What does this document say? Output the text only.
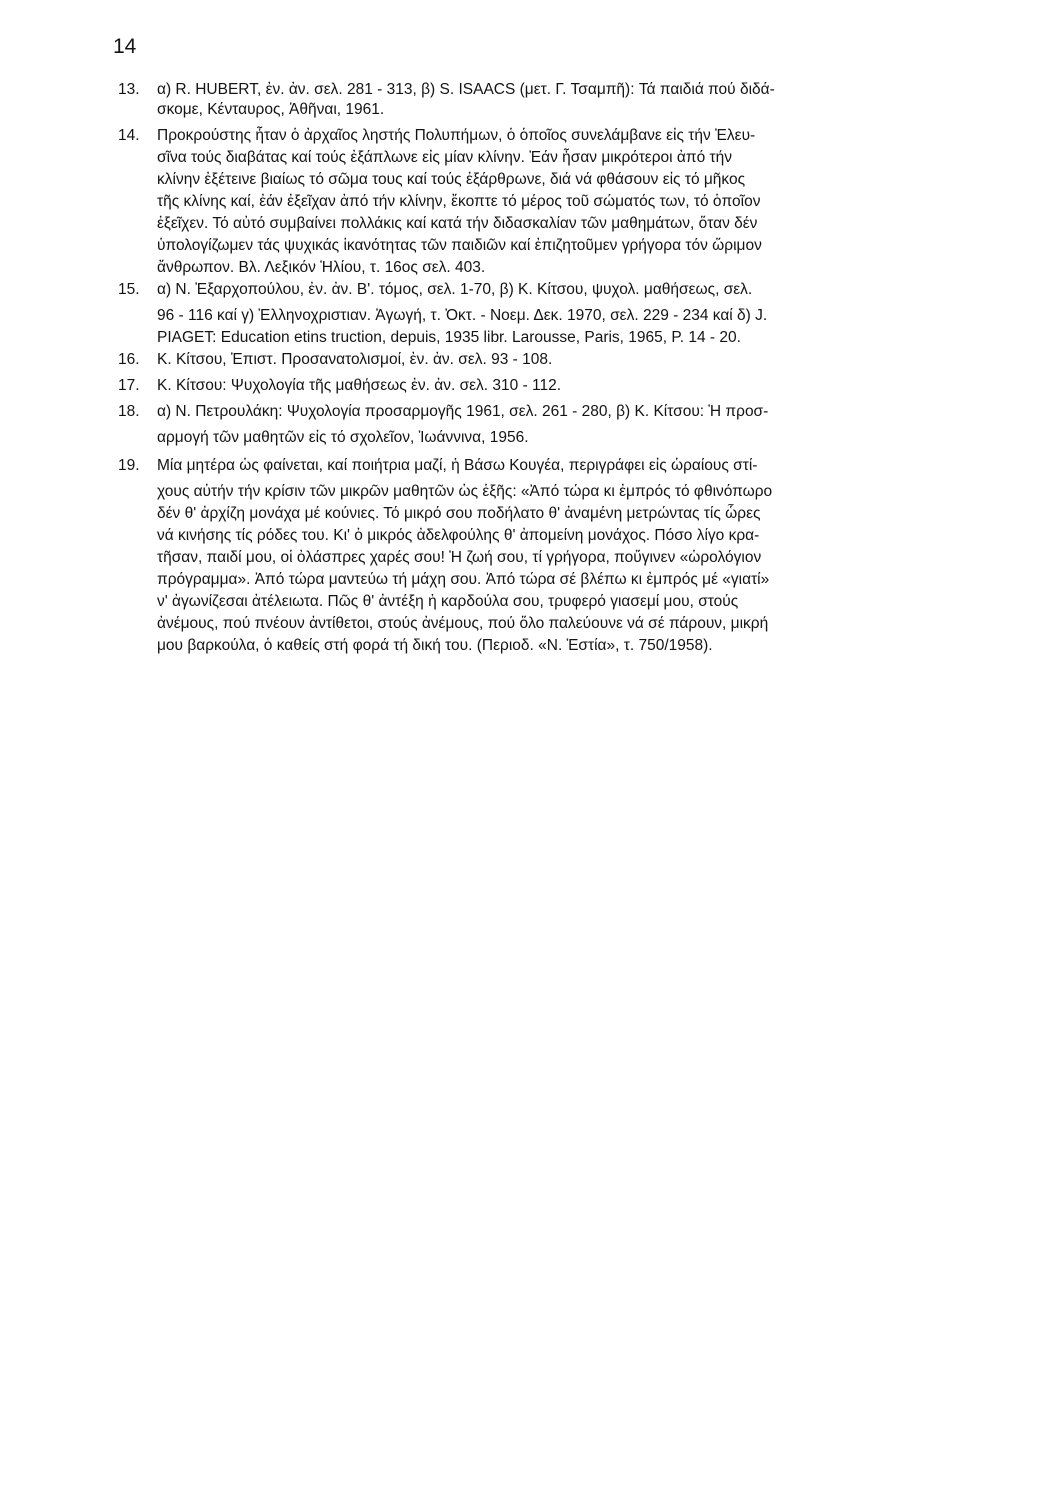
14
13. α) R. HUBERT, ἐν. ἀν. σελ. 281 - 313, β) S. ISAACS (μετ. Γ. Τσαμπῆ): Τά παιδιά πού διδά-
σκομε, Κένταυρος, Ἀθῆναι, 1961.
14. Προκρούστης ἦταν ὁ ἀρχαῖος ληστής Πολυπήμων, ὁ ὁποῖος συνελάμβανε εἰς τήν Ἐλευ-
σῖνα τούς διαβάτας καί τούς ἐξάπλωνε εἰς μίαν κλίνην. Ἐάν ἦσαν μικρότεροι ἀπό τήν
κλίνην ἐξέτεινε βιαίως τό σῶμα τους καί τούς ἐξάρθρωνε, διά νά φθάσουν εἰς τό μῆκος
τῆς κλίνης καί, ἐάν ἐξεῖχαν ἀπό τήν κλίνην, ἔκοπτε τό μέρος τοῦ σώματός των, τό ὁποῖον
ἐξεῖχεν. Τό αὐτό συμβαίνει πολλάκις καί κατά τήν διδασκαλίαν τῶν μαθημάτων, ὅταν δέν
ὑπολογίζωμεν τάς ψυχικάς ἱκανότητας τῶν παιδιῶν καί ἐπιζητοῦμεν γρήγορα τόν ὥριμον
ἄνθρωπον. Βλ. Λεξικόν Ἡλίου, τ. 16ος σελ. 403.
15. α) Ν. Ἐξαρχοπούλου, ἐν. ἀν. Β'. τόμος, σελ. 1-70, β) Κ. Κίτσου, ψυχολ. μαθήσεως, σελ.
96 - 116 καί γ) Ἑλληνοχριστιαν. Ἀγωγή, τ. Ὀκτ. - Νοεμ. Δεκ. 1970, σελ. 229 - 234 καί δ) J.
PIAGET: Education etins truction, depuis, 1935 libr. Larousse, Paris, 1965, P. 14 - 20.
16. Κ. Κίτσου, Ἐπιστ. Προσανατολισμοί, ἐν. ἀν. σελ. 93 - 108.
17. Κ. Κίτσου: Ψυχολογία τῆς μαθήσεως ἐν. ἀν. σελ. 310 - 112.
18. α) Ν. Πετρουλάκη: Ψυχολογία προσαρμογῆς 1961, σελ. 261 - 280, β) Κ. Κίτσου: Ἡ προσ-
αρμογή τῶν μαθητῶν εἰς τό σχολεῖον, Ἰωάννινα, 1956.
19. Μία μητέρα ὡς φαίνεται, καί ποιήτρια μαζί, ἡ Βάσω Κουγέα, περιγράφει εἰς ὡραίους στί-
χους αὐτήν τήν κρίσιν τῶν μικρῶν μαθητῶν ὡς ἑξῆς: «Ἀπό τώρα κι ἐμπρός τό φθινόπωρο
δέν θ' ἀρχίζη μονάχα μέ κούνιες. Τό μικρό σου ποδήλατο θ' ἀναμένη μετρώντας τίς ὧρες
νά κινήσης τίς ρόδες του. Κι' ὁ μικρός ἀδελφούλης θ' ἀπομείνη μονάχος. Πόσο λίγο κρα-
τῆσαν, παιδί μου, οἱ ὀλάσπρες χαρές σου! Ἡ ζωή σου, τί γρήγορα, ποὔγινεν «ὡρολόγιον
πρόγραμμα». Ἀπό τώρα μαντεύω τή μάχη σου. Ἀπό τώρα σέ βλέπω κι ἐμπρός μέ «γιατί»
ν' ἀγωνίζεσαι ἀτέλειωτα. Πῶς θ' ἀντέξη ἡ καρδούλα σου, τρυφερό γιασεμί μου, στούς
ἀνέμους, πού πνέουν ἀντίθετοι, στούς ἀνέμους, πού ὅλο παλεύουνε νά σέ πάρουν, μικρή
μου βαρκούλα, ὁ καθείς στή φορά τή δική του. (Περιοδ. «Ν. Ἑστία», τ. 750/1958).
